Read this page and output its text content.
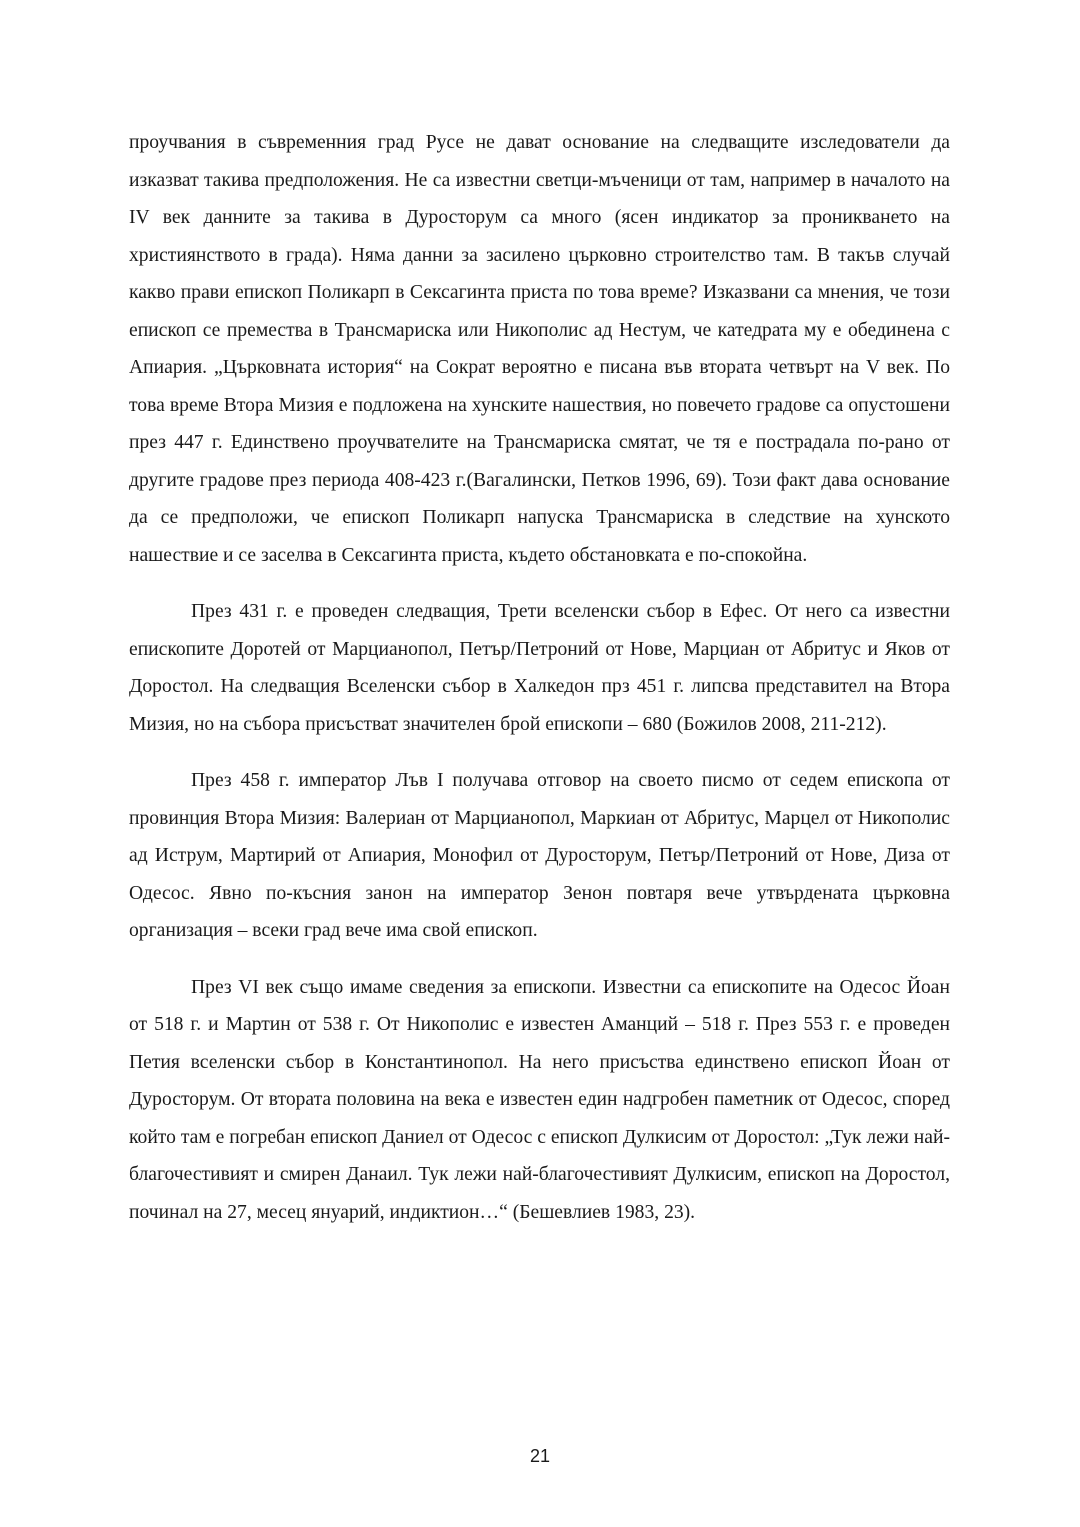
проучвания в съвременния град Русе не дават основание на следващите изследователи да изказват такива предположения. Не са известни светци-мъченици от там, например в началото на IV век данните за такива в Дуросторум са много (ясен индикатор за проникването на християнството в града). Няма данни за засилено църковно строителство там. В такъв случай какво прави епископ Поликарп в Сексагинта приста по това време? Изказвани са мнения, че този епископ се премества в Трансмариска или Никополис ад Нестум, че катедрата му е обединена с Апиария. „Църковната история“ на Сократ вероятно е писана във втората четвърт на V век. По това време Втора Мизия е подложена на хунските нашествия, но повечето градове са опустошени през 447 г. Единствено проучвателите на Трансмариска смятат, че тя е пострадала по-рано от другите градове през периода 408-423 г.(Вагалински, Петков 1996, 69). Този факт дава основание да се предположи, че епископ Поликарп напуска Трансмариска в следствие на хунското нашествие и се заселва в Сексагинта приста, където обстановката е по-спокойна.

През 431 г. е проведен следващия, Трети вселенски събор в Ефес. От него са известни епископите Доротей от Марцианопол, Петър/Петроний от Нове, Марциан от Абритус и Яков от Доростол. На следващия Вселенски събор в Халкедон прз 451 г. липсва представител на Втора Мизия, но на събора присъстват значителен брой епископи – 680 (Божилов 2008, 211-212).

През 458 г. император Лъв I получава отговор на своето писмо от седем епископа от провинция Втора Мизия: Валериан от Марцианопол, Маркиан от Абритус, Марцел от Никополис ад Иструм, Мартирий от Апиария, Монофил от Дуросторум, Петър/Петроний от Нове, Диза от Одесос. Явно по-късния занон на император Зенон повтаря вече утвърдената църковна организация – всеки град вече има свой епископ.

През VI век също имаме сведения за епископи. Известни са епископите на Одесос Йоан от 518 г. и Мартин от 538 г. От Никополис е известен Аманций – 518 г. През 553 г. е проведен Петия вселенски събор в Константинопол. На него присъства единствено епископ Йоан от Дуросторум. От втората половина на века е известен един надгробен паметник от Одесос, според който там е погребан епископ Даниел от Одесос с епископ Дулкисим от Доростол: „Тук лежи най-благочестивият и смирен Данаил. Тук лежи най-благочестивият Дулкисим, епископ на Доростол, починал на 27, месец януарий, индиктион…“ (Бешевлиев 1983, 23).

21
